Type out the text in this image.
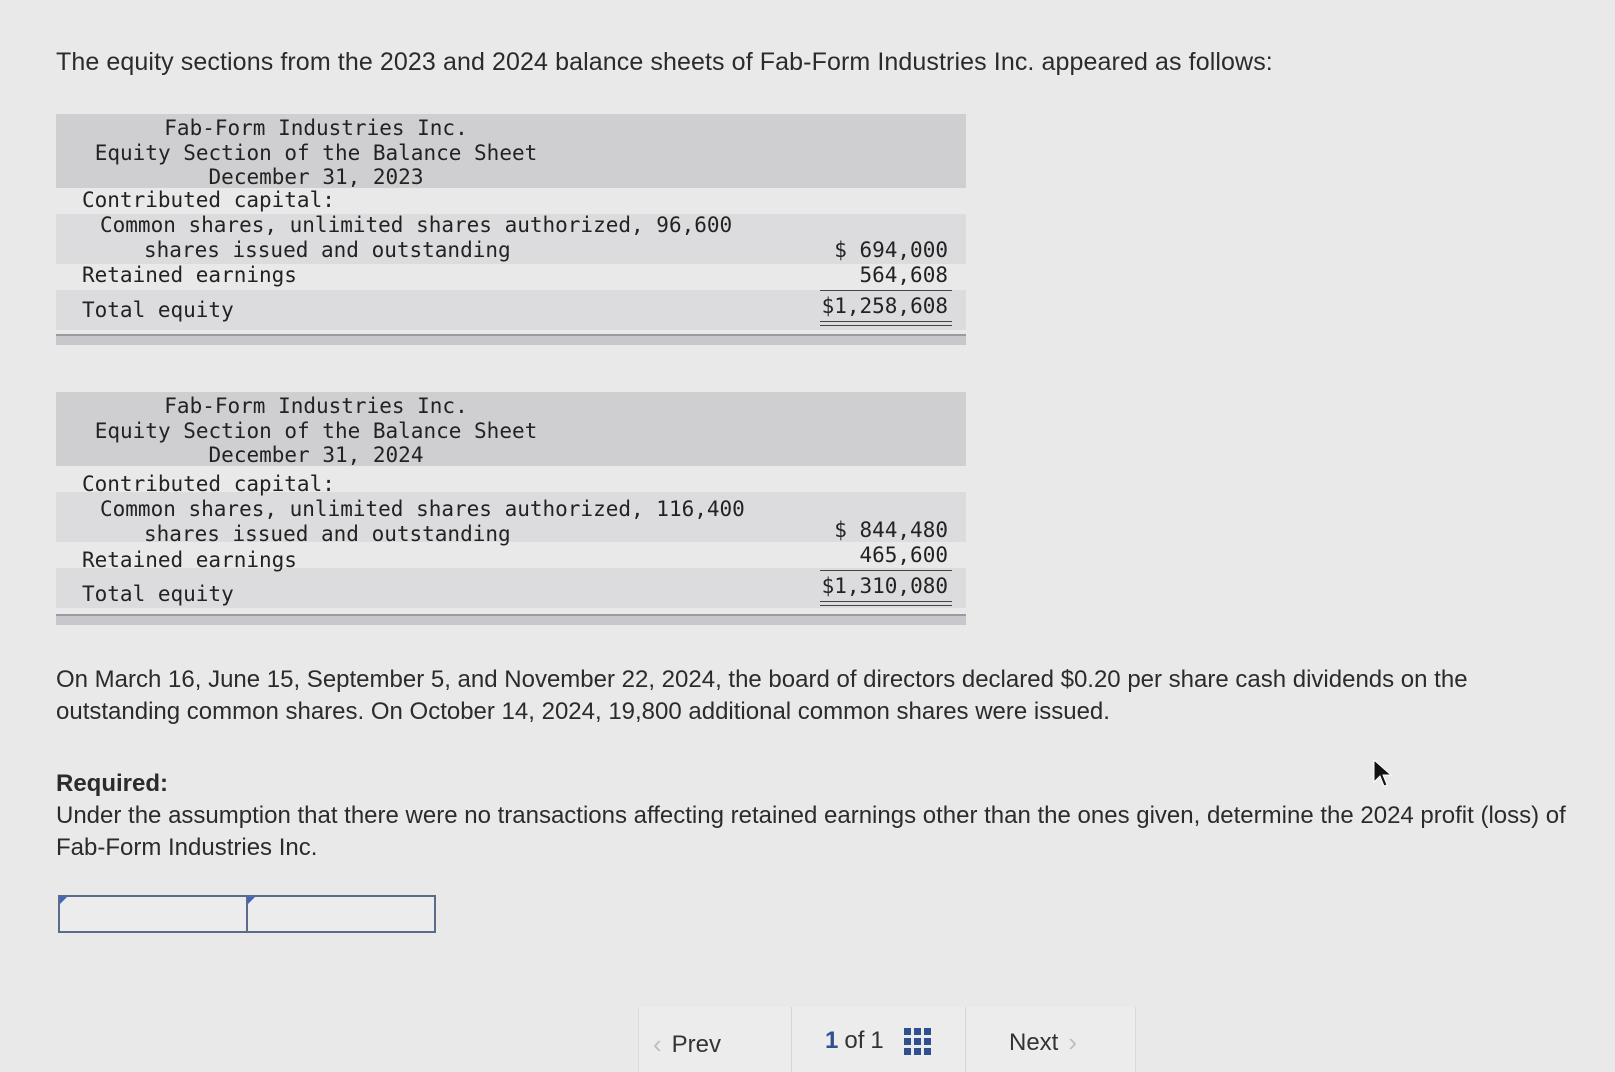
The equity sections from the 2023 and 2024 balance sheets of Fab-Form Industries Inc. appeared as follows:
Fab-Form Industries Inc.
Equity Section of the Balance Sheet
December 31, 2023
Contributed capital:
Common shares, unlimited shares authorized, 96,600
shares issued and outstanding	$ 694,000
Retained earnings	564,608
Total equity	$1,258,608
Fab-Form Industries Inc.
Equity Section of the Balance Sheet
December 31, 2024
Contributed capital:
Common shares, unlimited shares authorized, 116,400
shares issued and outstanding	$ 844,480
Retained earnings	465,600
Total equity	$1,310,080
On March 16, June 15, September 5, and November 22, 2024, the board of directors declared $0.20 per share cash dividends on the outstanding common shares. On October 14, 2024, 19,800 additional common shares were issued.
Required:
Under the assumption that there were no transactions affecting retained earnings other than the ones given, determine the 2024 profit (loss) of Fab-Form Industries Inc.
‹ Prev	1 of 1	Next ›
